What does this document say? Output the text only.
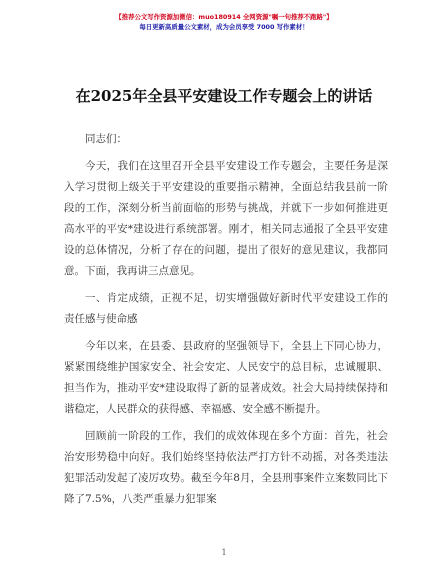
【推荐公文写作资源加微信：muo180914 全网资源"嘱一句推荐不跑路"】
每日更新高质量公文素材，成为会员享受 7000 写作素材！
在2025年全县平安建设工作专题会上的讲话

同志们：

今天，我们在这里召开全县平安建设工作专题会，主要任务是深入学习贯彻上级关于平安建设的重要指示精神，全面总结我县前一阶段的工作，深刻分析当前面临的形势与挑战，并就下一步如何推进更高水平的平安*建设进行系统部署。刚才，相关同志通报了全县平安建设的总体情况，分析了存在的问题，提出了很好的意见建议，我都同意。下面，我再讲三点意见。

一、肯定成绩，正视不足，切实增强做好新时代平安建设工作的责任感与使命感

今年以来，在县委、县政府的坚强领导下，全县上下同心协力，紧紧围绕维护国家安全、社会安定、人民安宁的总目标，忠诚履职、担当作为，推动平安*建设取得了新的显著成效。社会大局持续保持和谐稳定，人民群众的获得感、幸福感、安全感不断提升。

回顾前一阶段的工作，我们的成效体现在多个方面：首先，社会治安形势稳中向好。我们始终坚持依法严打方针不动摇，对各类违法犯罪活动发起了凌厉攻势。截至今年8月，全县刑事案件立案数同比下降了7.5%，八类严重暴力犯罪案

1
